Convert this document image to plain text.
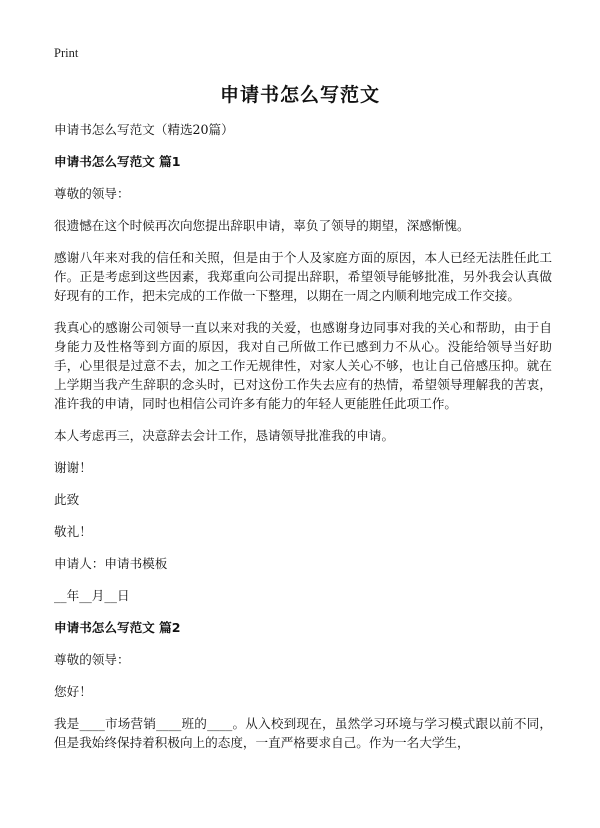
Print
申请书怎么写范文

申请书怎么写范文（精选20篇）

申请书怎么写范文 篇1

尊敬的领导：

很遗憾在这个时候再次向您提出辞职申请，辜负了领导的期望，深感惭愧。

感谢八年来对我的信任和关照，但是由于个人及家庭方面的原因，本人已经无法胜任此工作。正是考虑到这些因素，我郑重向公司提出辞职，希望领导能够批准，另外我会认真做好现有的工作，把未完成的工作做一下整理，以期在一周之内顺利地完成工作交接。

我真心的感谢公司领导一直以来对我的关爱，也感谢身边同事对我的关心和帮助，由于自身能力及性格等到方面的原因，我对自己所做工作已感到力不从心。没能给领导当好助手，心里很是过意不去，加之工作无规律性，对家人关心不够，也让自己倍感压抑。就在上学期当我产生辞职的念头时，已对这份工作失去应有的热情，希望领导理解我的苦衷，准许我的申请，同时也相信公司许多有能力的年轻人更能胜任此项工作。

本人考虑再三，决意辞去会计工作，恳请领导批准我的申请。

谢谢！

此致

敬礼！

申请人：申请书模板

__年__月__日

申请书怎么写范文 篇2

尊敬的领导：

您好！

我是____市场营销____班的____。从入校到现在，虽然学习环境与学习模式跟以前不同，但是我始终保持着积极向上的态度，一直严格要求自己。作为一名大学生，
